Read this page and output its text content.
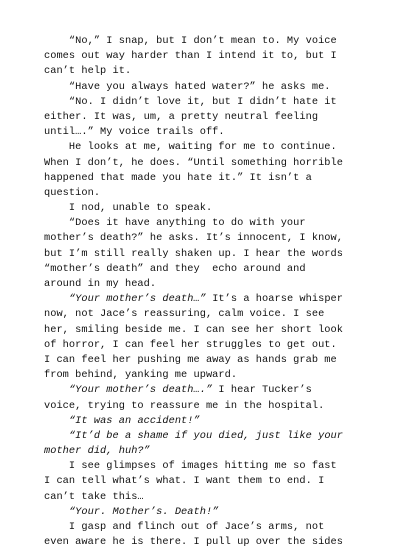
“No,” I snap, but I don’t mean to. My voice
comes out way harder than I intend it to, but I
can’t help it.
“Have you always hated water?” he asks me.
“No. I didn’t love it, but I didn’t hate it
either. It was, um, a pretty neutral feeling
until….” My voice trails off.
He looks at me, waiting for me to continue.
When I don’t, he does. “Until something horrible
happened that made you hate it.” It isn’t a
question.
I nod, unable to speak.
“Does it have anything to do with your
mother’s death?” he asks. It’s innocent, I know,
but I’m still really shaken up. I hear the words
“mother’s death” and they  echo around and
around in my head.
“Your mother’s death…” It’s a hoarse whisper
now, not Jace’s reassuring, calm voice. I see
her, smiling beside me. I can see her short look
of horror, I can feel her struggles to get out.
I can feel her pushing me away as hands grab me
from behind, yanking me upward.
“Your mother’s death….” I hear Tucker’s
voice, trying to reassure me in the hospital.
“It was an accident!”
“It’d be a shame if you died, just like your
mother did, huh?”
I see glimpses of images hitting me so fast
I can tell what’s what. I want them to end. I
can’t take this…
“Your. Mother’s. Death!”
I gasp and flinch out of Jace’s arms, not
even aware he is there. I pull up over the sides
